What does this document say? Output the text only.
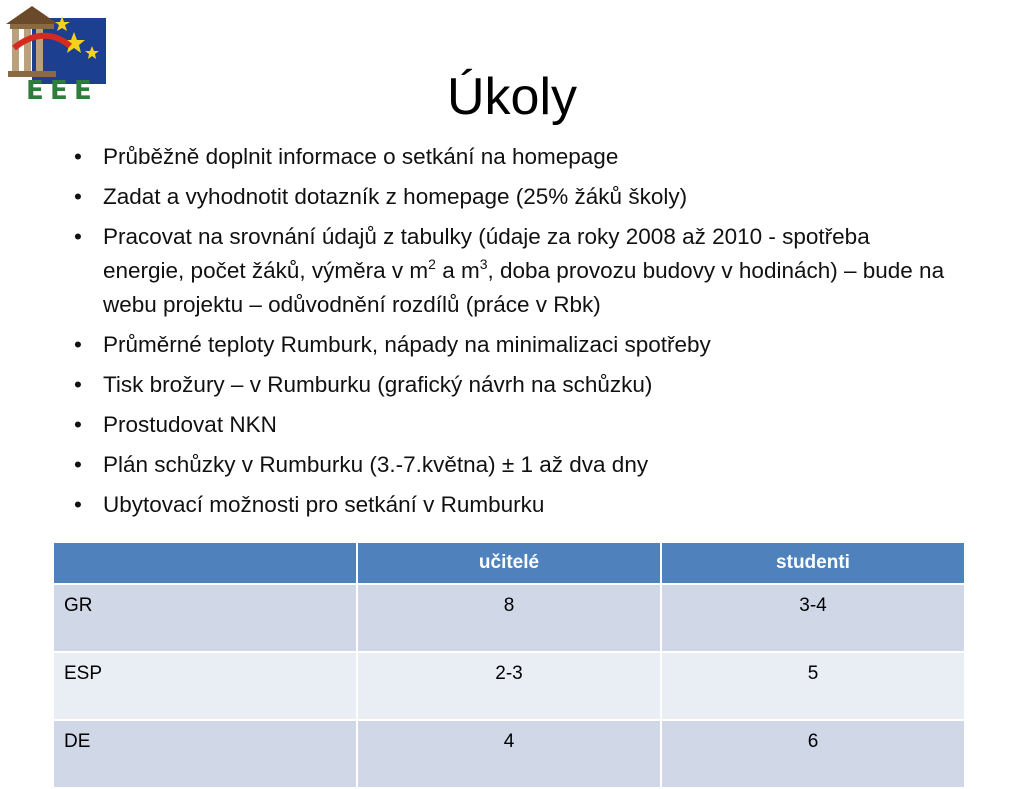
E E E	Úkoly
• Průběžně doplnit informace o setkání na homepage
• Zadat a vyhodnotit dotazník z homepage (25% žáků školy)
• Pracovat na srovnání údajů z tabulky (údaje za roky 2008 až 2010 - spotřeba energie, počet žáků, výměra v $m^2$ a $m^3$, doba provozu budovy v hodinách) – bude na webu projektu – odůvodnění rozdílů (práce v Rbk)
• Průměrné teploty Rumburk, nápady na minimalizaci spotřeby
• Tisk brožury – v Rumburku (grafický návrh na schůzku)
• Prostudovat NKN
• Plán schůzky v Rumburku (3.-7.května) ± 1 až dva dny
• Ubytovací možnosti pro setkání v Rumburku
	učitelé	studenti
GR	8	3-4
ESP	2-3	5
DE	4	6
